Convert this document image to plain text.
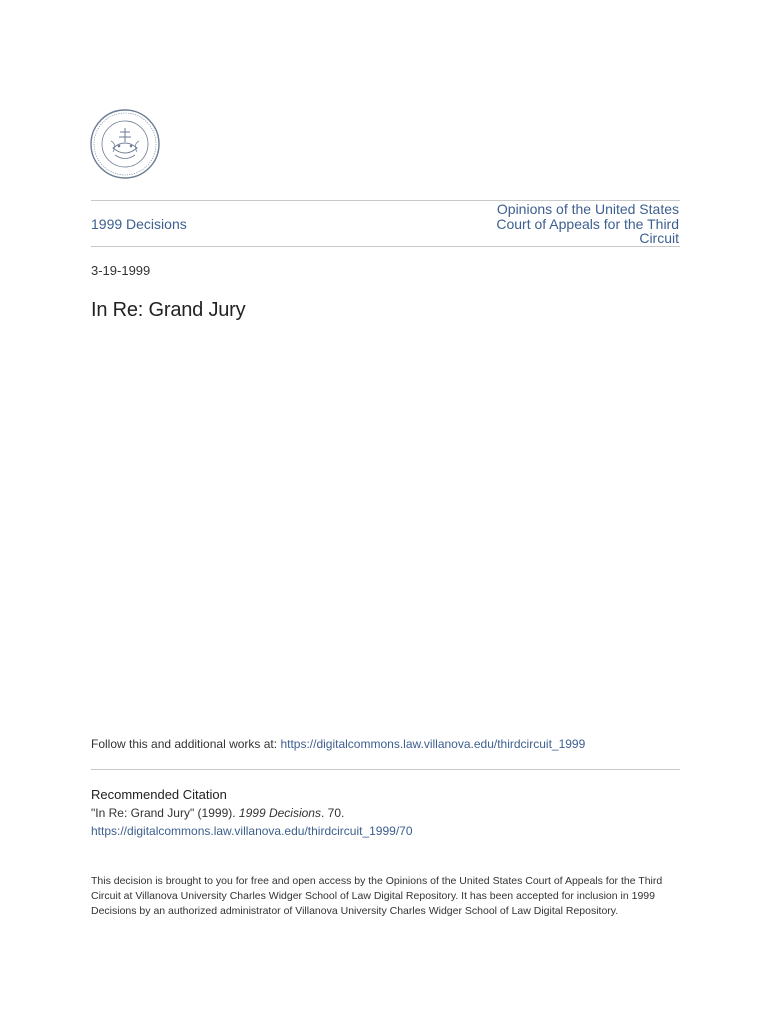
1999 Decisions
Opinions of the United States Court of Appeals for the Third Circuit
3-19-1999
In Re: Grand Jury
Follow this and additional works at: https://digitalcommons.law.villanova.edu/thirdcircuit_1999
Recommended Citation
"In Re: Grand Jury" (1999). 1999 Decisions. 70.
https://digitalcommons.law.villanova.edu/thirdcircuit_1999/70
This decision is brought to you for free and open access by the Opinions of the United States Court of Appeals for the Third Circuit at Villanova University Charles Widger School of Law Digital Repository. It has been accepted for inclusion in 1999 Decisions by an authorized administrator of Villanova University Charles Widger School of Law Digital Repository.
